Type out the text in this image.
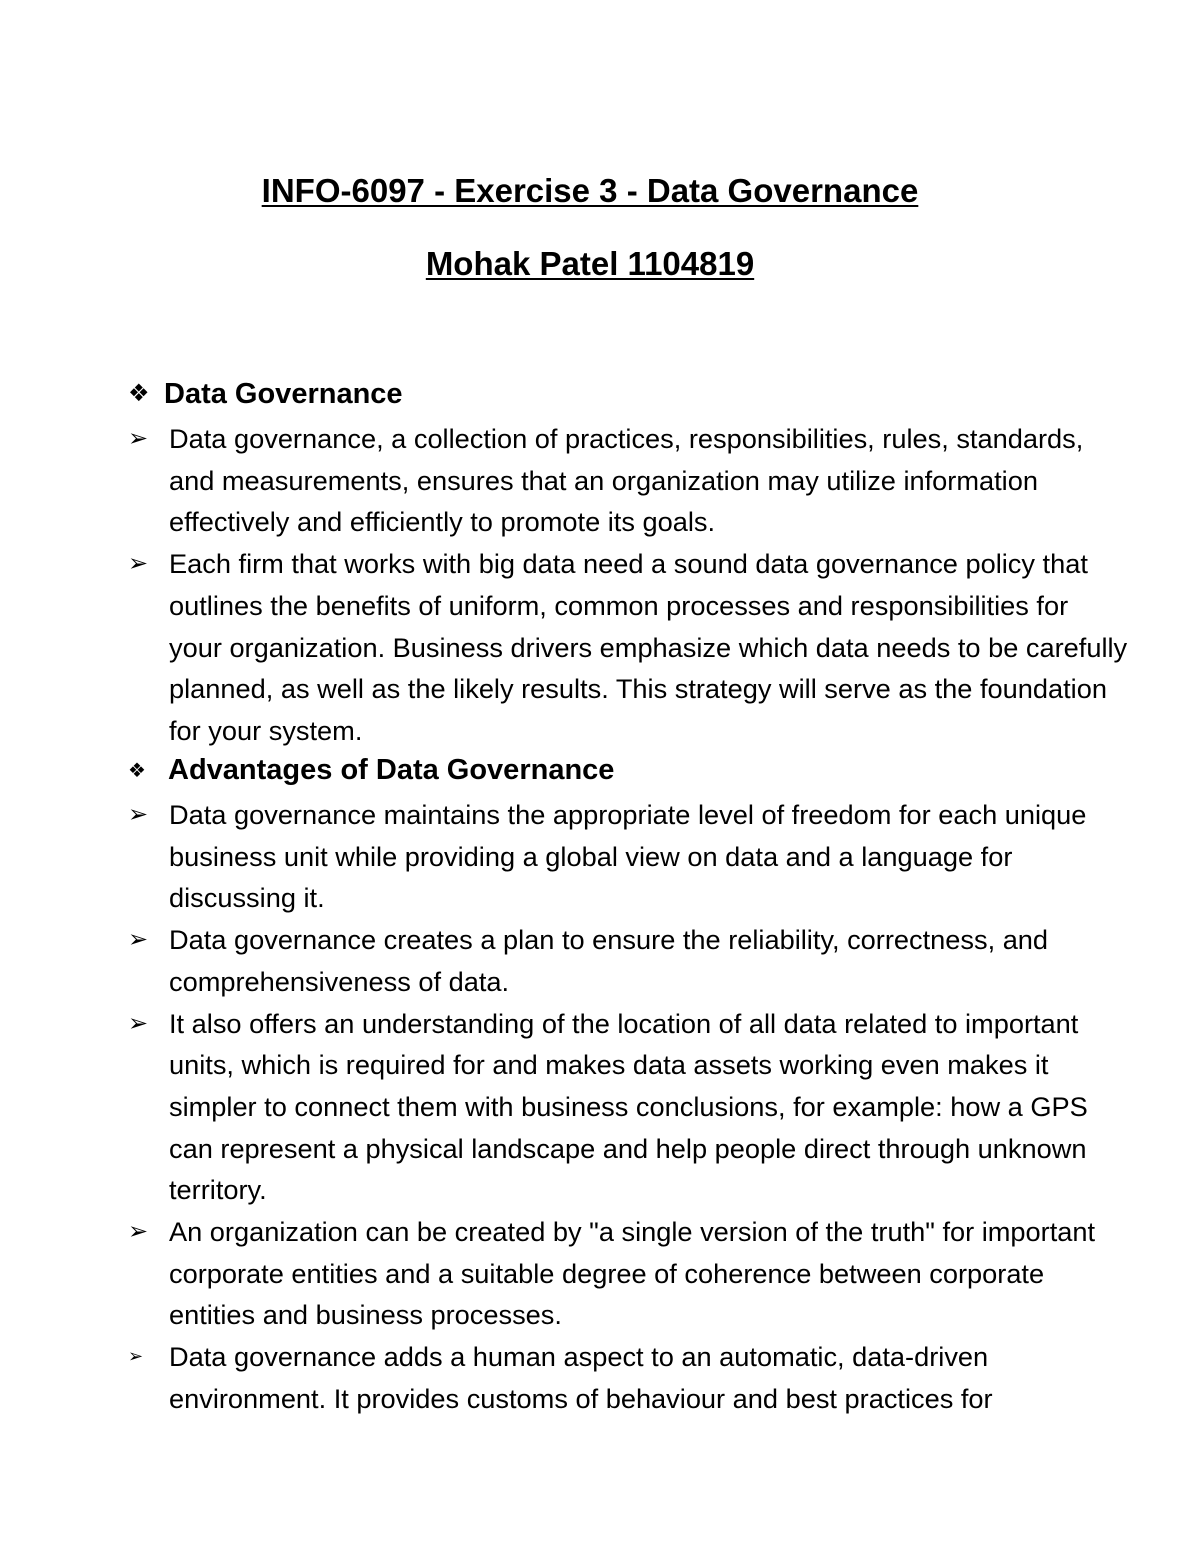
INFO-6097 - Exercise 3 - Data Governance
Mohak Patel 1104819
❖ Data Governance
➢ Data governance, a collection of practices, responsibilities, rules, standards, and measurements, ensures that an organization may utilize information effectively and efficiently to promote its goals.
➢ Each firm that works with big data need a sound data governance policy that outlines the benefits of uniform, common processes and responsibilities for your organization. Business drivers emphasize which data needs to be carefully planned, as well as the likely results. This strategy will serve as the foundation for your system.
❖ Advantages of Data Governance
➢ Data governance maintains the appropriate level of freedom for each unique business unit while providing a global view on data and a language for discussing it.
➢ Data governance creates a plan to ensure the reliability, correctness, and comprehensiveness of data.
➢ It also offers an understanding of the location of all data related to important units, which is required for and makes data assets working even makes it simpler to connect them with business conclusions, for example: how a GPS can represent a physical landscape and help people direct through unknown territory.
➢ An organization can be created by "a single version of the truth" for important corporate entities and a suitable degree of coherence between corporate entities and business processes.
➢ Data governance adds a human aspect to an automatic, data-driven environment. It provides customs of behaviour and best practices for
